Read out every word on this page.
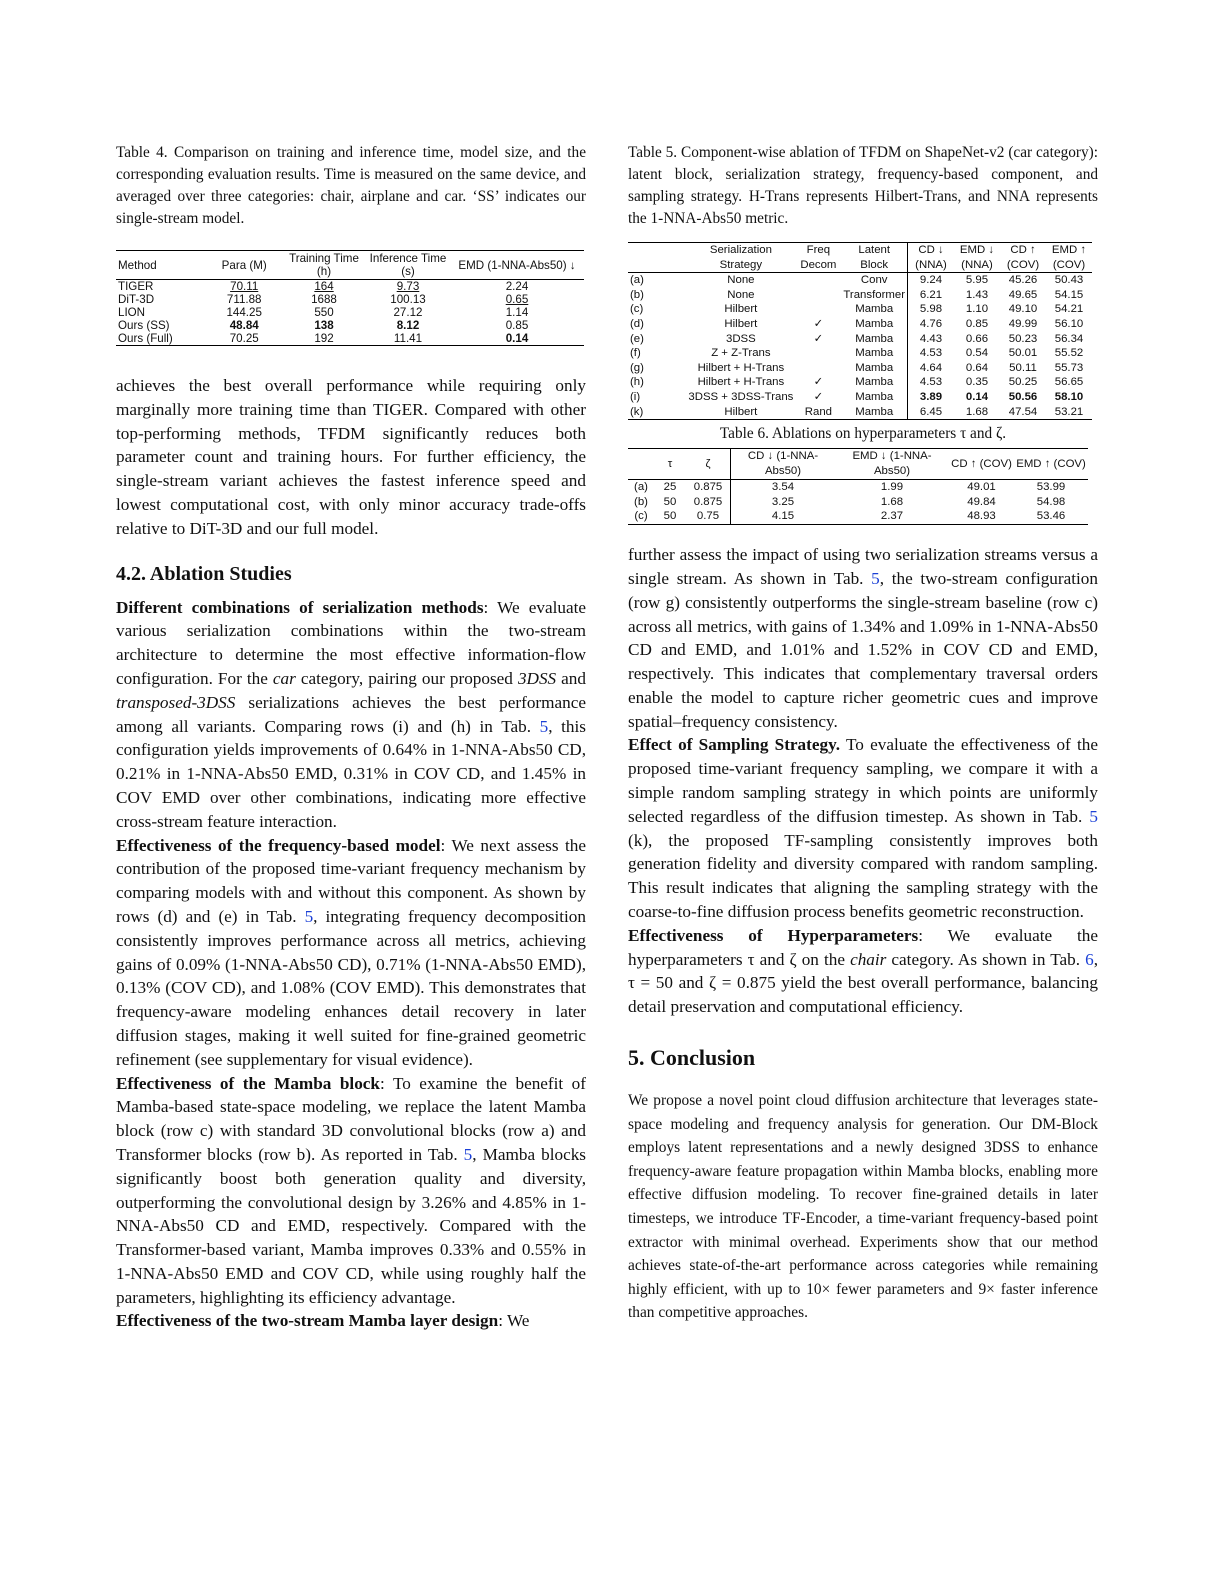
Table 4. Comparison on training and inference time, model size, and the corresponding evaluation results. Time is measured on the same device, and averaged over three categories: chair, airplane and car. ‘SS’ indicates our single-stream model.

Method	Para (M)	Training Time (h)	Inference Time (s)	EMD (1-NNA-Abs50) ↓
TIGER	70.11	164	9.73	2.24
DiT-3D	711.88	1688	100.13	0.65
LION	144.25	550	27.12	1.14
Ours (SS)	48.84	138	8.12	0.85
Ours (Full)	70.25	192	11.41	0.14

achieves the best overall performance while requiring only marginally more training time than TIGER. Compared with other top-performing methods, TFDM significantly reduces both parameter count and training hours. For further efficiency, the single-stream variant achieves the fastest inference speed and lowest computational cost, with only minor accuracy trade-offs relative to DiT-3D and our full model.

4.2. Ablation Studies

Different combinations of serialization methods: We evaluate various serialization combinations within the two-stream architecture to determine the most effective information-flow configuration. For the car category, pairing our proposed 3DSS and transposed-3DSS serializations achieves the best performance among all variants. Comparing rows (i) and (h) in Tab. 5, this configuration yields improvements of 0.64% in 1-NNA-Abs50 CD, 0.21% in 1-NNA-Abs50 EMD, 0.31% in COV CD, and 1.45% in COV EMD over other combinations, indicating more effective cross-stream feature interaction.

Effectiveness of the frequency-based model: We next assess the contribution of the proposed time-variant frequency mechanism by comparing models with and without this component. As shown by rows (d) and (e) in Tab. 5, integrating frequency decomposition consistently improves performance across all metrics, achieving gains of 0.09% (1-NNA-Abs50 CD), 0.71% (1-NNA-Abs50 EMD), 0.13% (COV CD), and 1.08% (COV EMD). This demonstrates that frequency-aware modeling enhances detail recovery in later diffusion stages, making it well suited for fine-grained geometric refinement (see supplementary for visual evidence).

Effectiveness of the Mamba block: To examine the benefit of Mamba-based state-space modeling, we replace the latent Mamba block (row c) with standard 3D convolutional blocks (row a) and Transformer blocks (row b). As reported in Tab. 5, Mamba blocks significantly boost both generation quality and diversity, outperforming the convolutional design by 3.26% and 4.85% in 1-NNA-Abs50 CD and EMD, respectively. Compared with the Transformer-based variant, Mamba improves 0.33% and 0.55% in 1-NNA-Abs50 EMD and COV CD, while using roughly half the parameters, highlighting its efficiency advantage.

Effectiveness of the two-stream Mamba layer design: We

Table 5. Component-wise ablation of TFDM on ShapeNet-v2 (car category): latent block, serialization strategy, frequency-based component, and sampling strategy. H-Trans represents Hilbert-Trans, and NNA represents the 1-NNA-Abs50 metric.

	Serialization Strategy	Freq Decom	Latent Block	CD ↓ (NNA)	EMD ↓ (NNA)	CD ↑ (COV)	EMD ↑ (COV)
(a)	None		Conv	9.24	5.95	45.26	50.43
(b)	None		Transformer	6.21	1.43	49.65	54.15
(c)	Hilbert		Mamba	5.98	1.10	49.10	54.21
(d)	Hilbert	✓	Mamba	4.76	0.85	49.99	56.10
(e)	3DSS	✓	Mamba	4.43	0.66	50.23	56.34
(f)	Z + Z-Trans		Mamba	4.53	0.54	50.01	55.52
(g)	Hilbert + H-Trans		Mamba	4.64	0.64	50.11	55.73
(h)	Hilbert + H-Trans	✓	Mamba	4.53	0.35	50.25	56.65
(i)	3DSS + 3DSS-Trans	✓	Mamba	3.89	0.14	50.56	58.10
(k)	Hilbert	Rand	Mamba	6.45	1.68	47.54	53.21

Table 6. Ablations on hyperparameters τ and ζ.

	τ	ζ	CD ↓ (1-NNA-Abs50)	EMD ↓ (1-NNA-Abs50)	CD ↑ (COV)	EMD ↑ (COV)
(a)	25	0.875	3.54	1.99	49.01	53.99
(b)	50	0.875	3.25	1.68	49.84	54.98
(c)	50	0.75	4.15	2.37	48.93	53.46

further assess the impact of using two serialization streams versus a single stream. As shown in Tab. 5, the two-stream configuration (row g) consistently outperforms the single-stream baseline (row c) across all metrics, with gains of 1.34% and 1.09% in 1-NNA-Abs50 CD and EMD, and 1.01% and 1.52% in COV CD and EMD, respectively. This indicates that complementary traversal orders enable the model to capture richer geometric cues and improve spatial–frequency consistency.

Effect of Sampling Strategy. To evaluate the effectiveness of the proposed time-variant frequency sampling, we compare it with a simple random sampling strategy in which points are uniformly selected regardless of the diffusion timestep. As shown in Tab. 5 (k), the proposed TF-sampling consistently improves both generation fidelity and diversity compared with random sampling. This result indicates that aligning the sampling strategy with the coarse-to-fine diffusion process benefits geometric reconstruction.

Effectiveness of Hyperparameters: We evaluate the hyperparameters τ and ζ on the chair category. As shown in Tab. 6, τ = 50 and ζ = 0.875 yield the best overall performance, balancing detail preservation and computational efficiency.

5. Conclusion

We propose a novel point cloud diffusion architecture that leverages state-space modeling and frequency analysis for generation. Our DM-Block employs latent representations and a newly designed 3DSS to enhance frequency-aware feature propagation within Mamba blocks, enabling more effective diffusion modeling. To recover fine-grained details in later timesteps, we introduce TF-Encoder, a time-variant frequency-based point extractor with minimal overhead. Experiments show that our method achieves state-of-the-art performance across categories while remaining highly efficient, with up to 10× fewer parameters and 9× faster inference than competitive approaches.
